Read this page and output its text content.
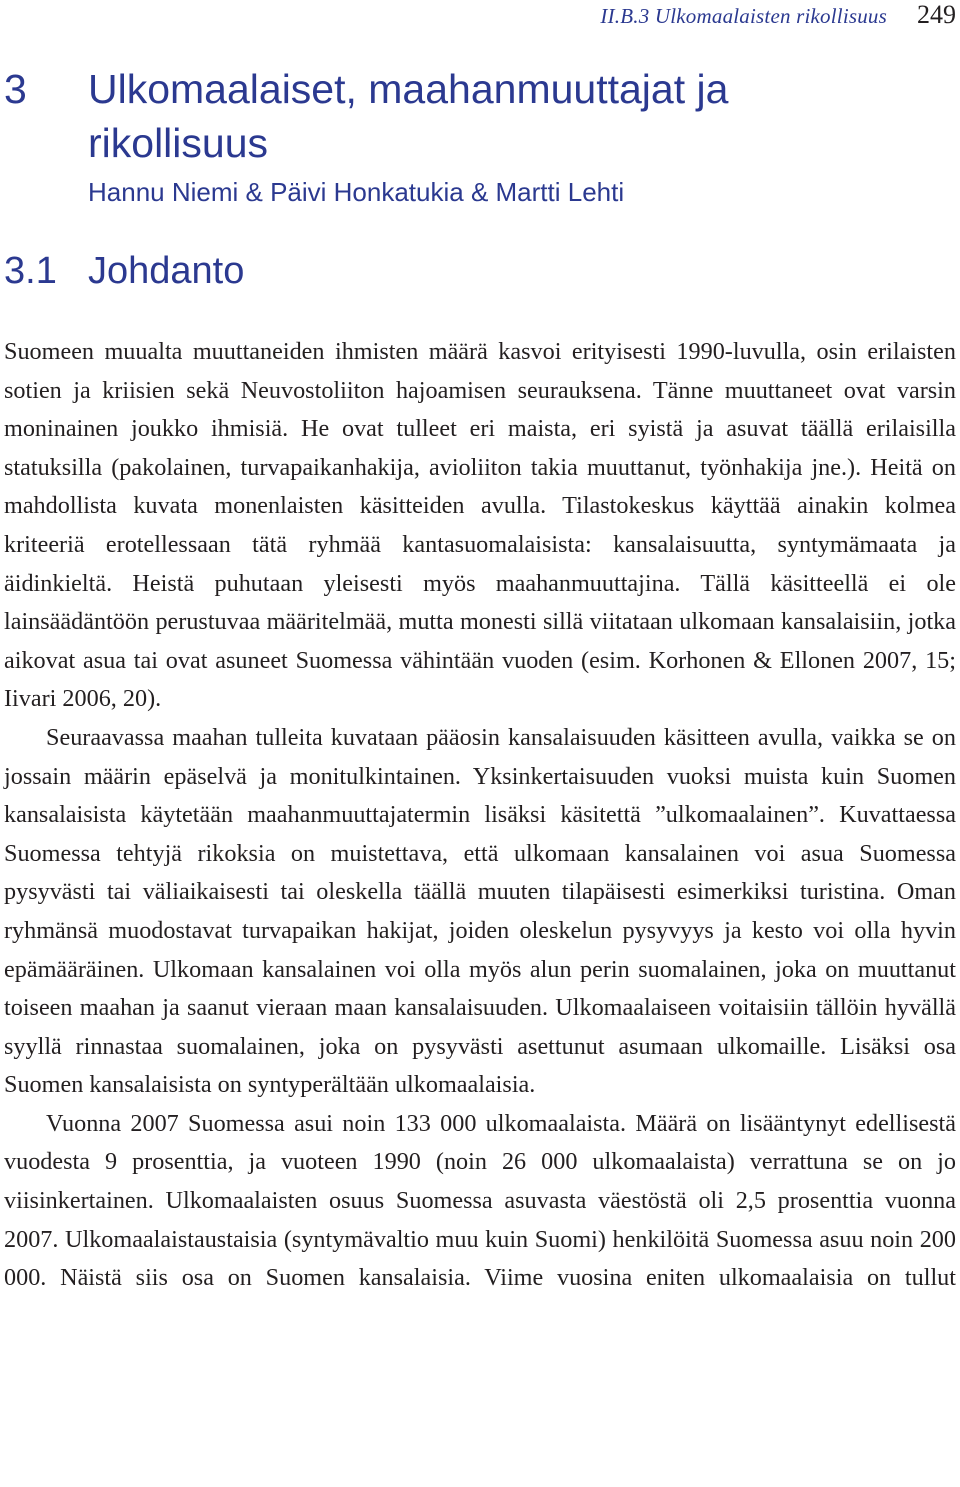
II.B.3 Ulkomaalaisten rikollisuus 249
3	Ulkomaalaiset, maahanmuuttajat ja rikollisuus
Hannu Niemi & Päivi Honkatukia & Martti Lehti
3.1 Johdanto

Suomeen muualta muuttaneiden ihmisten määrä kasvoi erityisesti 1990-luvulla, osin erilaisten sotien ja kriisien sekä Neuvostoliiton hajoamisen seurauksena. Tänne muuttaneet ovat varsin moninainen joukko ihmisiä. He ovat tulleet eri maista, eri syistä ja asuvat täällä erilaisilla statuksilla (pakolainen, turvapaikanhakija, avioliiton takia muuttanut, työnhakija jne.). Heitä on mahdollista kuvata monenlaisten käsitteiden avulla. Tilastokeskus käyttää ainakin kolmea kriteeriä erotellessaan tätä ryhmää kantasuomalaisista: kansalaisuutta, syntymämaata ja äidinkieltä. Heistä puhutaan yleisesti myös maahanmuuttajina. Tällä käsitteellä ei ole lainsäädäntöön perustuvaa määritelmää, mutta monesti sillä viitataan ulkomaan kansalaisiin, jotka aikovat asua tai ovat asuneet Suomessa vähintään vuoden (esim. Korhonen & Ellonen 2007, 15; Iivari 2006, 20).

Seuraavassa maahan tulleita kuvataan pääosin kansalaisuuden käsitteen avulla, vaikka se on jossain määrin epäselvä ja monitulkintainen. Yksinkertaisuuden vuoksi muista kuin Suomen kansalaisista käytetään maahanmuuttajatermin lisäksi käsitettä ”ulkomaalainen”. Kuvattaessa Suomessa tehtyjä rikoksia on muistettava, että ulkomaan kansalainen voi asua Suomessa pysyvästi tai väliaikaisesti tai oleskella täällä muuten tilapäisesti esimerkiksi turistina. Oman ryhmänsä muodostavat turvapaikan hakijat, joiden oleskelun pysyvyys ja kesto voi olla hyvin epämääräinen. Ulkomaan kansalainen voi olla myös alun perin suomalainen, joka on muuttanut toiseen maahan ja saanut vieraan maan kansalaisuuden. Ulkomaalaiseen voitaisiin tällöin hyvällä syyllä rinnastaa suomalainen, joka on pysyvästi asettunut asumaan ulkomaille. Lisäksi osa Suomen kansalaisista on syntyperältään ulkomaalaisia.

Vuonna 2007 Suomessa asui noin 133 000 ulkomaalaista. Määrä on lisääntynyt edellisestä vuodesta 9 prosenttia, ja vuoteen 1990 (noin 26 000 ulkomaalaista) verrattuna se on jo viisinkertainen. Ulkomaalaisten osuus Suomessa asuvasta väestöstä oli 2,5 prosenttia vuonna 2007. Ulkomaalaistaustaisia (syntymävaltio muu kuin Suomi) henkilöitä Suomessa asuu noin 200 000. Näistä siis osa on Suomen kansalaisia. Viime vuosina eniten ulkomaalaisia on tullut
